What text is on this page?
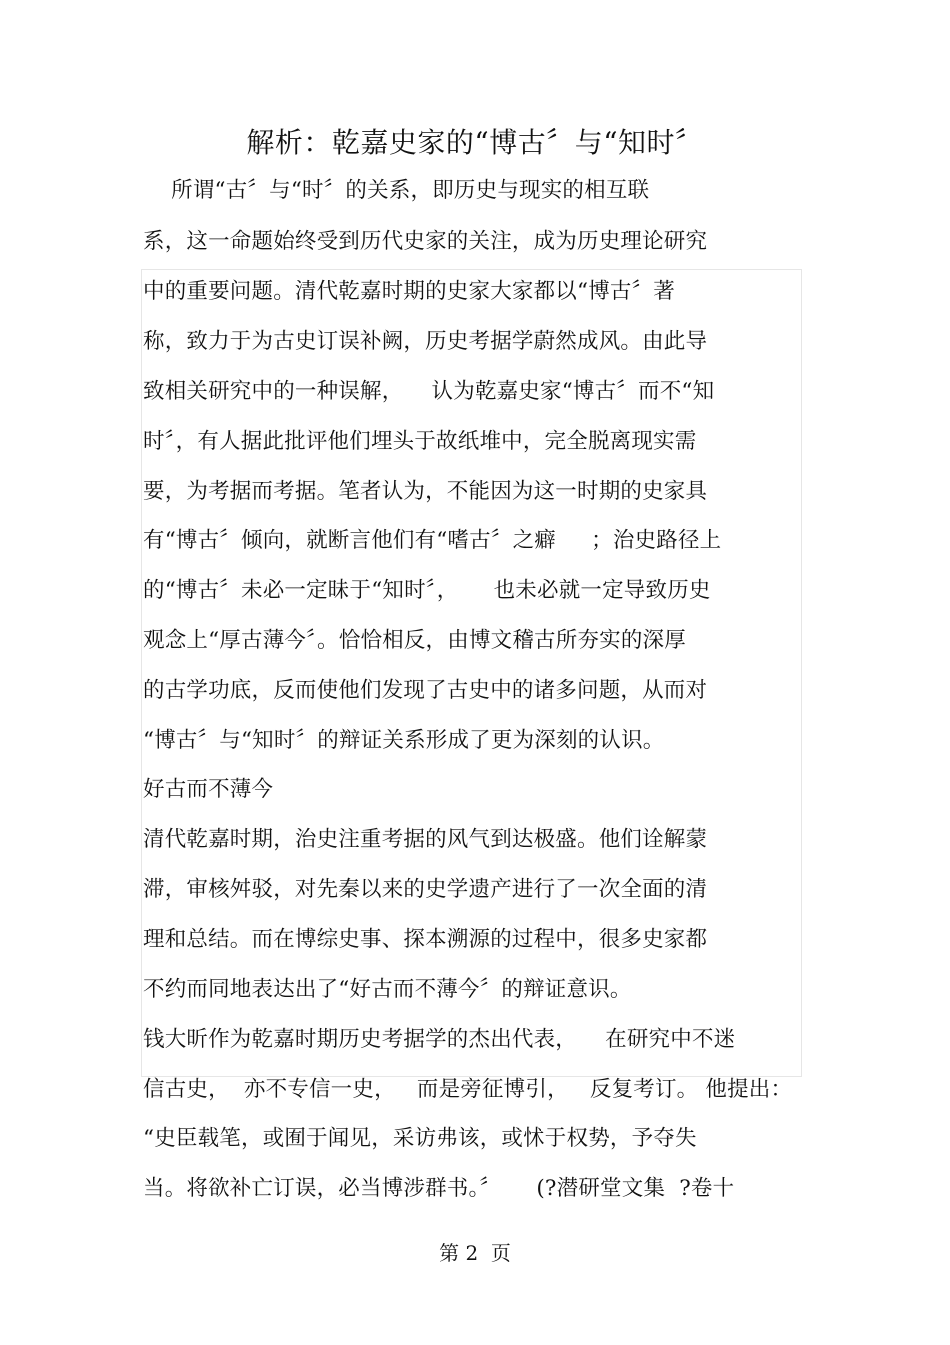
解析：乾嘉史家的“博古〞与“知时〞
所谓“古〞与“时〞的关系，即历史与现实的相互联
系，这一命题始终受到历代史家的关注，成为历史理论研究
中的重要问题。清代乾嘉时期的史家大家都以“博古〞著
称，致力于为古史订误补阙，历史考据学蔚然成风。由此导
致相关研究中的一种误解，    认为乾嘉史家“博古〞而不“知
时〞，有人据此批评他们埋头于故纸堆中，完全脱离现实需
要，为考据而考据。笔者认为，不能因为这一时期的史家具
有“博古〞倾向，就断言他们有“嗜古〞之癖     ；治史路径上
的“博古〞未必一定昧于“知时〞，     也未必就一定导致历史
观念上“厚古薄今〞。恰恰相反，由博文稽古所夯实的深厚
的古学功底，反而使他们发现了古史中的诸多问题，从而对
“博古〞与“知时〞的辩证关系形成了更为深刻的认识。
好古而不薄今
清代乾嘉时期，治史注重考据的风气到达极盛。他们诠解蒙
滞，审核舛驳，对先秦以来的史学遗产进行了一次全面的清
理和总结。而在博综史事、探本溯源的过程中，很多史家都
不约而同地表达出了“好古而不薄今〞的辩证意识。
钱大昕作为乾嘉时期历史考据学的杰出代表，    在研究中不迷
信古史，  亦不专信一史，   而是旁征博引，   反复考订。 他提出：
“史臣载笔，或囿于闻见，采访弗该，或怵于权势，予夺失
当。将欲补亡订误，必当博涉群书。〞     (?潜研堂文集  ?卷十
第 2  页
